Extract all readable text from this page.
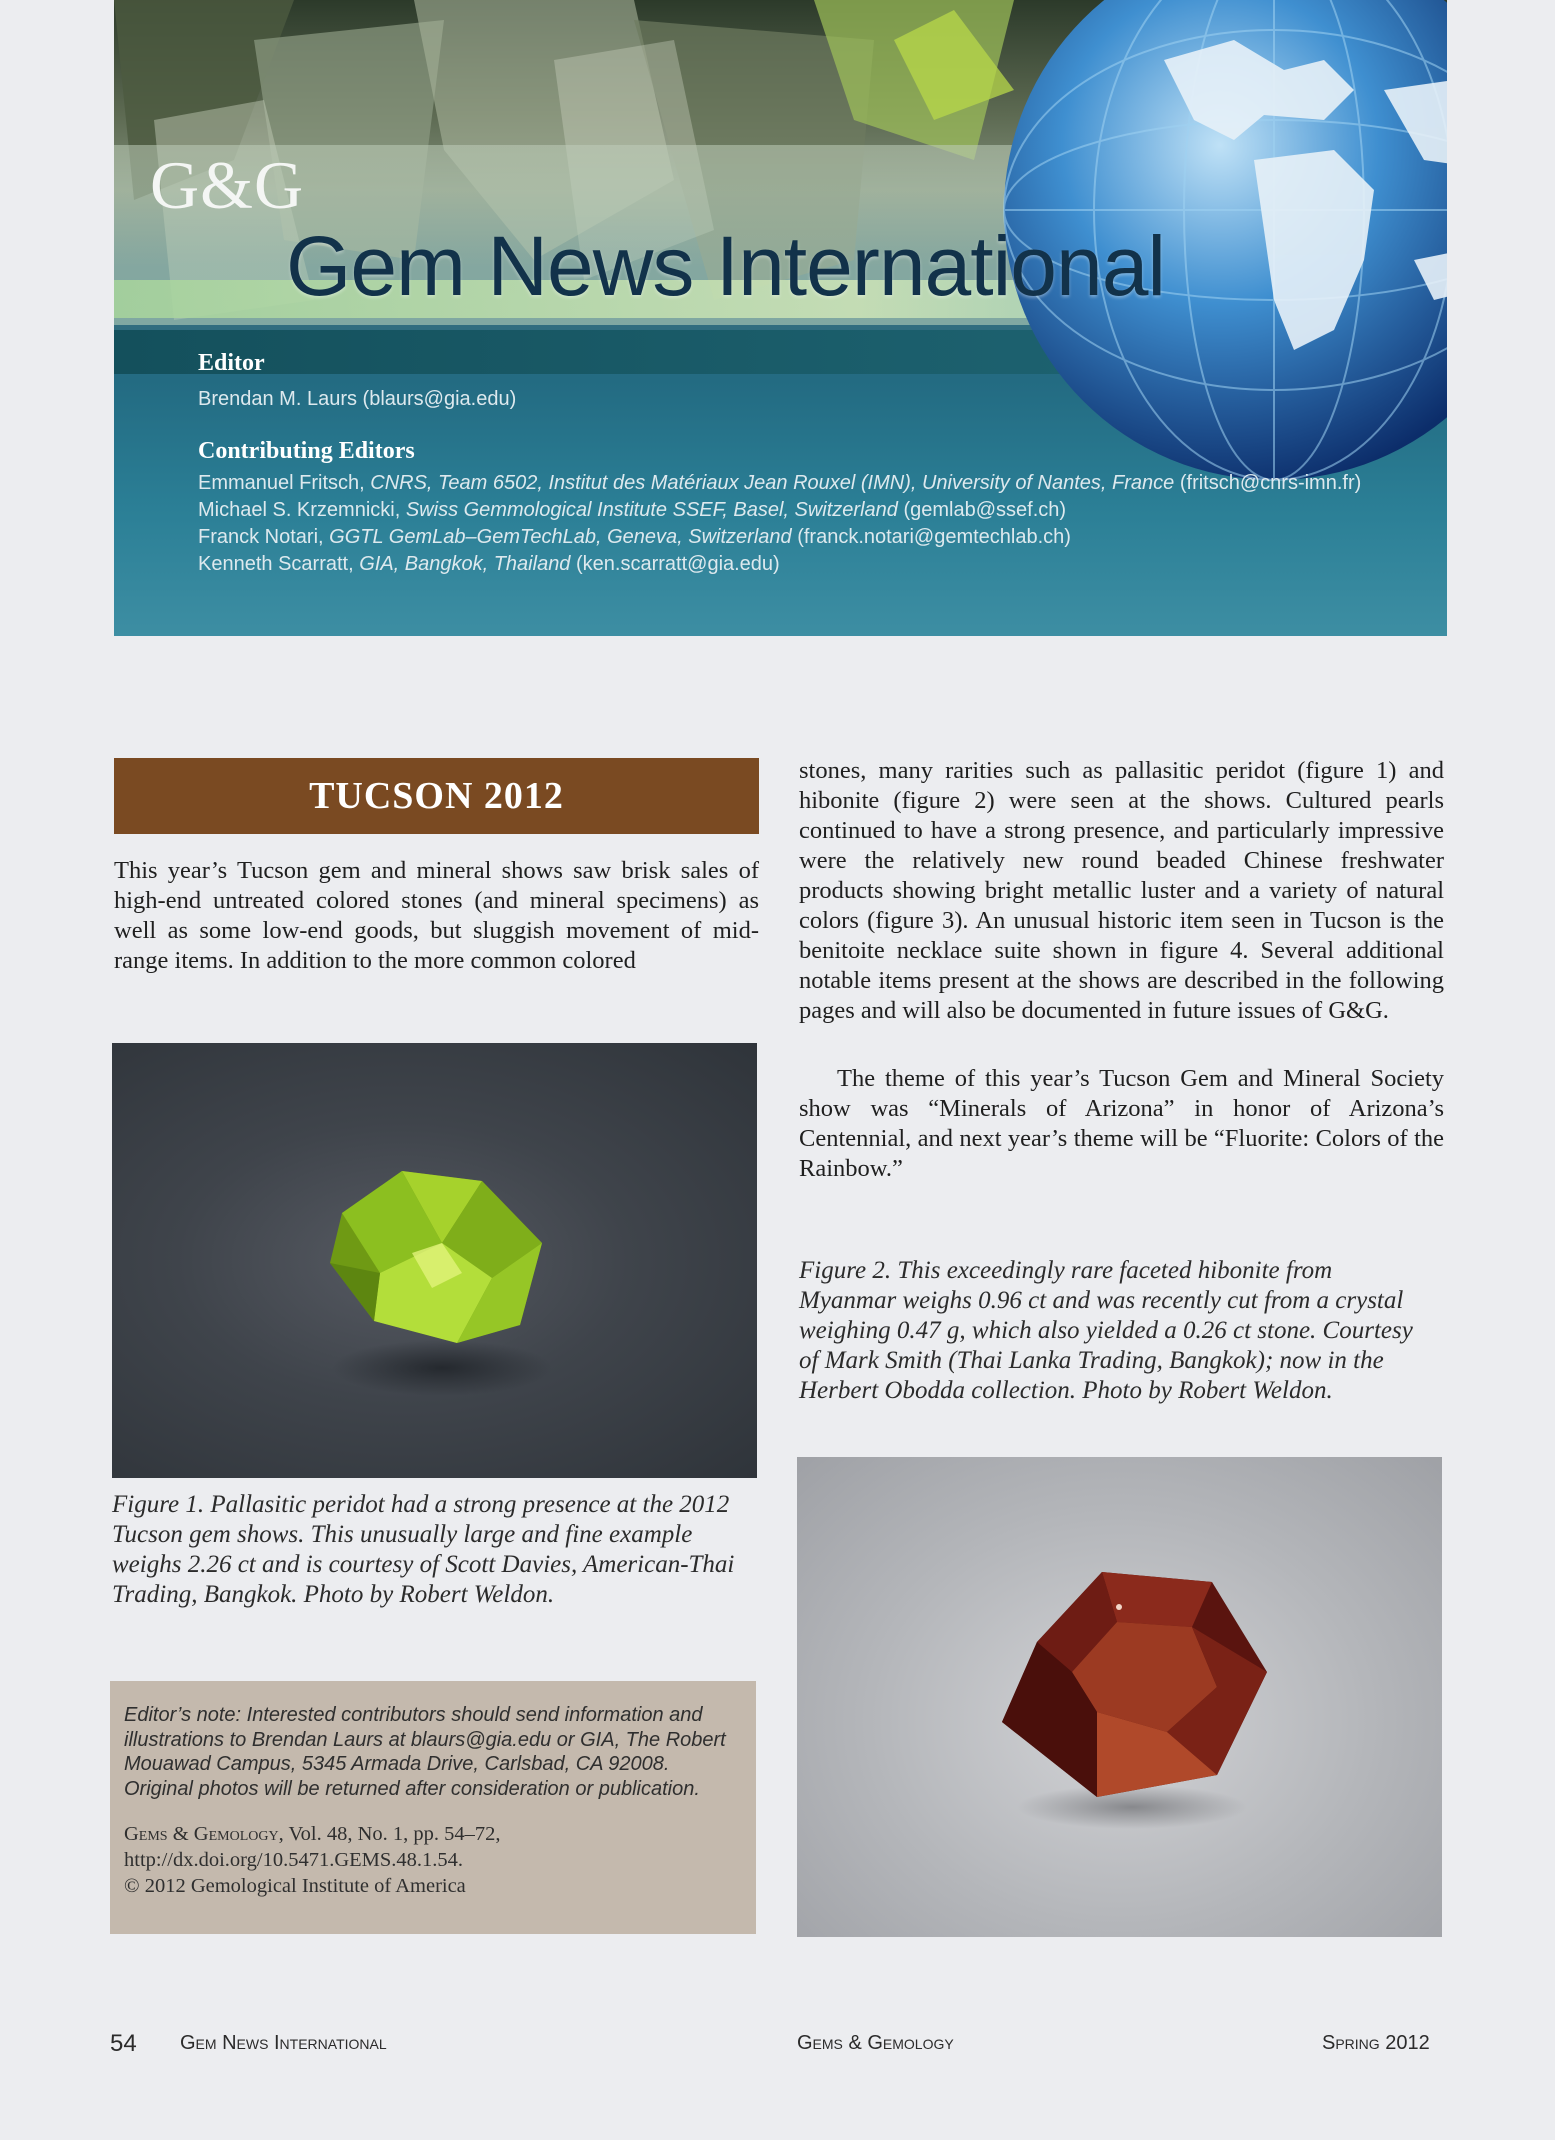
G&G
Gem News International
Editor
Brendan M. Laurs (blaurs@gia.edu)
Contributing Editors
Emmanuel Fritsch, CNRS, Team 6502, Institut des Matériaux Jean Rouxel (IMN), University of Nantes, France (fritsch@cnrs-imn.fr)
Michael S. Krzemnicki, Swiss Gemmological Institute SSEF, Basel, Switzerland (gemlab@ssef.ch)
Franck Notari, GGTL GemLab–GemTechLab, Geneva, Switzerland (franck.notari@gemtechlab.ch)
Kenneth Scarratt, GIA, Bangkok, Thailand (ken.scarratt@gia.edu)
TUCSON 2012
This year’s Tucson gem and mineral shows saw brisk sales of high-end untreated colored stones (and mineral specimens) as well as some low-end goods, but sluggish movement of mid-range items. In addition to the more common colored
Figure 1. Pallasitic peridot had a strong presence at the 2012 Tucson gem shows. This unusually large and fine example weighs 2.26 ct and is courtesy of Scott Davies, American-Thai Trading, Bangkok. Photo by Robert Weldon.
Editor’s note: Interested contributors should send information and illustrations to Brendan Laurs at blaurs@gia.edu or GIA, The Robert Mouawad Campus, 5345 Armada Drive, Carlsbad, CA 92008. Original photos will be returned after consideration or publication.
Gems & Gemology, Vol. 48, No. 1, pp. 54–72,
http://dx.doi.org/10.5471.GEMS.48.1.54.
© 2012 Gemological Institute of America
stones, many rarities such as pallasitic peridot (figure 1) and hibonite (figure 2) were seen at the shows. Cultured pearls continued to have a strong presence, and particularly impressive were the relatively new round beaded Chinese freshwater products showing bright metallic luster and a variety of natural colors (figure 3). An unusual historic item seen in Tucson is the benitoite necklace suite shown in figure 4. Several additional notable items present at the shows are described in the following pages and will also be documented in future issues of G&G.
The theme of this year’s Tucson Gem and Mineral Society show was “Minerals of Arizona” in honor of Arizona’s Centennial, and next year’s theme will be “Fluorite: Colors of the Rainbow.”
Figure 2. This exceedingly rare faceted hibonite from Myanmar weighs 0.96 ct and was recently cut from a crystal weighing 0.47 g, which also yielded a 0.26 ct stone. Courtesy of Mark Smith (Thai Lanka Trading, Bangkok); now in the Herbert Obodda collection. Photo by Robert Weldon.
54 Gem News International	Gems & Gemology	Spring 2012
